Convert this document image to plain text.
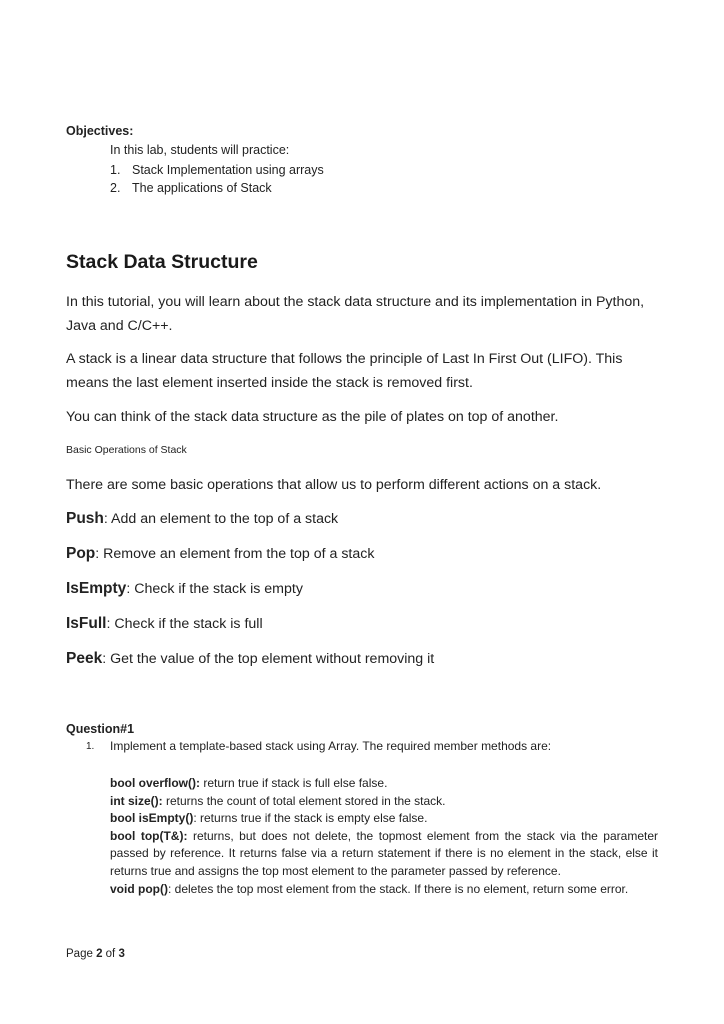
Objectives:
In this lab, students will practice:
1. Stack Implementation using arrays
2. The applications of Stack
Stack Data Structure
In this tutorial, you will learn about the stack data structure and its implementation in Python, Java and C/C++.
A stack is a linear data structure that follows the principle of Last In First Out (LIFO). This means the last element inserted inside the stack is removed first.
You can think of the stack data structure as the pile of plates on top of another.
Basic Operations of Stack
There are some basic operations that allow us to perform different actions on a stack.
Push: Add an element to the top of a stack
Pop: Remove an element from the top of a stack
IsEmpty: Check if the stack is empty
IsFull: Check if the stack is full
Peek: Get the value of the top element without removing it
Question#1
1.	Implement a template-based stack using Array. The required member methods are:

bool overflow(): return true if stack is full else false.

int size(): returns the count of total element stored in the stack.

bool isEmpty(): returns true if the stack is empty else false.

bool top(T&): returns, but does not delete, the topmost element from the stack via the parameter passed by reference. It returns false via a return statement if there is no element in the stack, else it returns true and assigns the top most element to the parameter passed by reference.

void pop(): deletes the top most element from the stack. If there is no element, return some error.

Page 2 of 3
